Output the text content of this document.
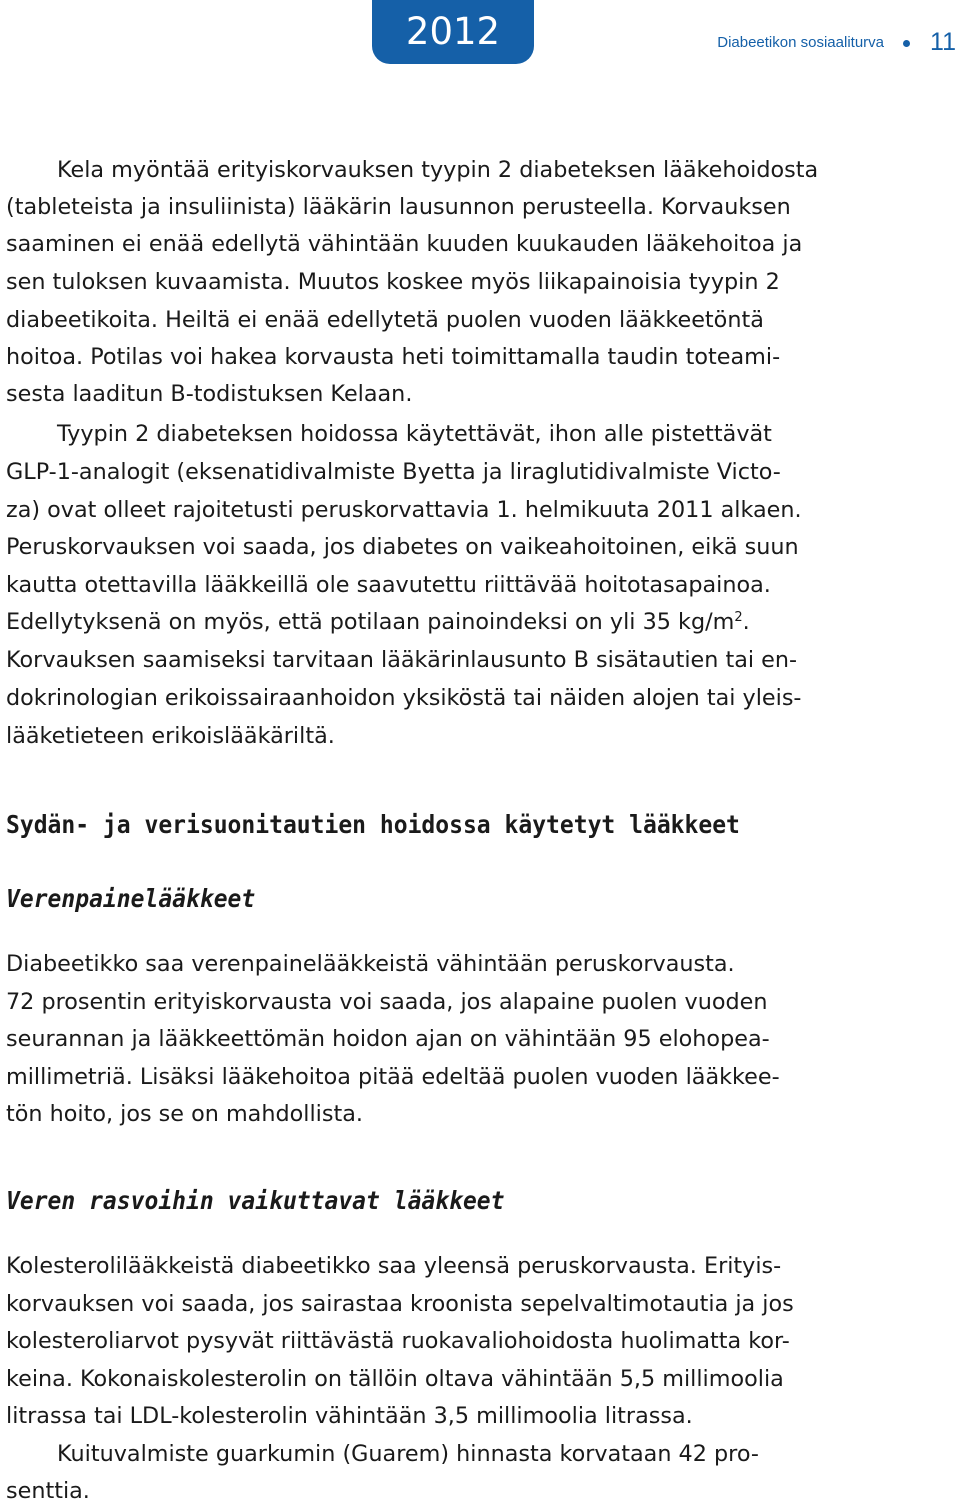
2012	Diabeetikon sosiaaliturva 11
Kela myöntää erityiskorvauksen tyypin 2 diabeteksen lääkehoidosta
(tableteista ja insuliinista) lääkärin lausunnon perusteella. Korvauksen
saaminen ei enää edellytä vähintään kuuden kuukauden lääkehoitoa ja
sen tuloksen kuvaamista. Muutos koskee myös liikapainoisia tyypin 2
diabeetikoita. Heiltä ei enää edellytetä puolen vuoden lääkkeetöntä
hoitoa. Potilas voi hakea korvausta heti toimittamalla taudin toteami-
sesta laaditun B-todistuksen Kelaan.
Tyypin 2 diabeteksen hoidossa käytettävät, ihon alle pistettävät
GLP-1-analogit (eksenatidivalmiste Byetta ja liraglutidivalmiste Victo-
za) ovat olleet rajoitetusti peruskorvattavia 1. helmikuuta 2011 alkaen.
Peruskorvauksen voi saada, jos diabetes on vaikeahoitoinen, eikä suun
kautta otettavilla lääkkeillä ole saavutettu riittävää hoitotasapainoa.
Edellytyksenä on myös, että potilaan painoindeksi on yli 35 $kg/m^2$.
Korvauksen saamiseksi tarvitaan lääkärinlausunto B sisätautien tai en-
dokrinologian erikoissairaanhoidon yksiköstä tai näiden alojen tai yleis-
lääketieteen erikoislääkäriltä.
Sydän- ja verisuonitautien hoidossa käytetyt lääkkeet
Verenpainelääkkeet
Diabeetikko saa verenpainelääkkeistä vähintään peruskorvausta.
72 prosentin erityiskorvausta voi saada, jos alapaine puolen vuoden
seurannan ja lääkkeettömän hoidon ajan on vähintään 95 elohopea-
millimetriä. Lisäksi lääkehoitoa pitää edeltää puolen vuoden lääkkee-
tön hoito, jos se on mahdollista.
Veren rasvoihin vaikuttavat lääkkeet
Kolesterolilääkkeistä diabeetikko saa yleensä peruskorvausta. Erityis-
korvauksen voi saada, jos sairastaa kroonista sepelvaltimotautia ja jos
kolesteroliarvot pysyvät riittävästä ruokavaliohoidosta huolimatta kor-
keina. Kokonaiskolesterolin on tällöin oltava vähintään 5,5 millimoolia
litrassa tai LDL-kolesterolin vähintään 3,5 millimoolia litrassa.
Kuituvalmiste guarkumin (Guarem) hinnasta korvataan 42 pro-
senttia.
